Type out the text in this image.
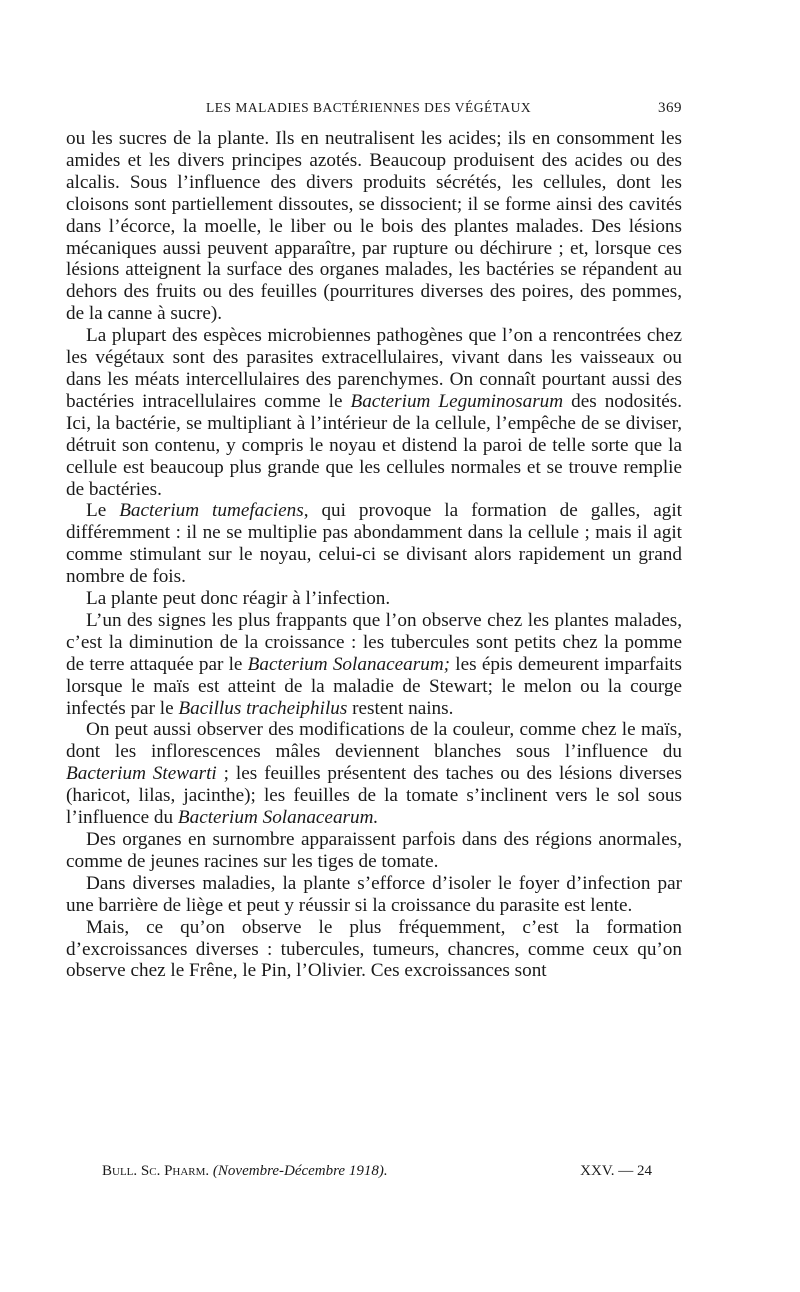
LES MALADIES BACTÉRIENNES DES VÉGÉTAUX	369

ou les sucres de la plante. Ils en neutralisent les acides; ils en consomment les amides et les divers principes azotés. Beaucoup produisent des acides ou des alcalis. Sous l’influence des divers produits sécrétés, les cellules, dont les cloisons sont partiellement dissoutes, se dissocient; il se forme ainsi des cavités dans l’écorce, la moelle, le liber ou le bois des plantes malades. Des lésions mécaniques aussi peuvent apparaître, par rupture ou déchirure ; et, lorsque ces lésions atteignent la surface des organes malades, les bactéries se répandent au dehors des fruits ou des feuilles (pourritures diverses des poires, des pommes, de la canne à sucre).

La plupart des espèces microbiennes pathogènes que l’on a rencontrées chez les végétaux sont des parasites extracellulaires, vivant dans les vaisseaux ou dans les méats intercellulaires des parenchymes. On connaît pourtant aussi des bactéries intracellulaires comme le Bacterium Leguminosarum des nodosités. Ici, la bactérie, se multipliant à l’intérieur de la cellule, l’empêche de se diviser, détruit son contenu, y compris le noyau et distend la paroi de telle sorte que la cellule est beaucoup plus grande que les cellules normales et se trouve remplie de bactéries.

Le Bacterium tumefaciens, qui provoque la formation de galles, agit différemment : il ne se multiplie pas abondamment dans la cellule ; mais il agit comme stimulant sur le noyau, celui-ci se divisant alors rapidement un grand nombre de fois.

La plante peut donc réagir à l’infection.

L’un des signes les plus frappants que l’on observe chez les plantes malades, c’est la diminution de la croissance : les tubercules sont petits chez la pomme de terre attaquée par le Bacterium Solanacearum; les épis demeurent imparfaits lorsque le maïs est atteint de la maladie de Stewart; le melon ou la courge infectés par le Bacillus tracheiphilus restent nains.

On peut aussi observer des modifications de la couleur, comme chez le maïs, dont les inflorescences mâles deviennent blanches sous l’influence du Bacterium Stewarti ; les feuilles présentent des taches ou des lésions diverses (haricot, lilas, jacinthe); les feuilles de la tomate s’inclinent vers le sol sous l’influence du Bacterium Solanacearum.

Des organes en surnombre apparaissent parfois dans des régions anormales, comme de jeunes racines sur les tiges de tomate.

Dans diverses maladies, la plante s’efforce d’isoler le foyer d’infection par une barrière de liège et peut y réussir si la croissance du parasite est lente.

Mais, ce qu’on observe le plus fréquemment, c’est la formation d’excroissances diverses : tubercules, tumeurs, chancres, comme ceux qu’on observe chez le Frêne, le Pin, l’Olivier. Ces excroissances sont

Bull. Sc. Pharm. (Novembre-Décembre 1918).	XXV. — 24
